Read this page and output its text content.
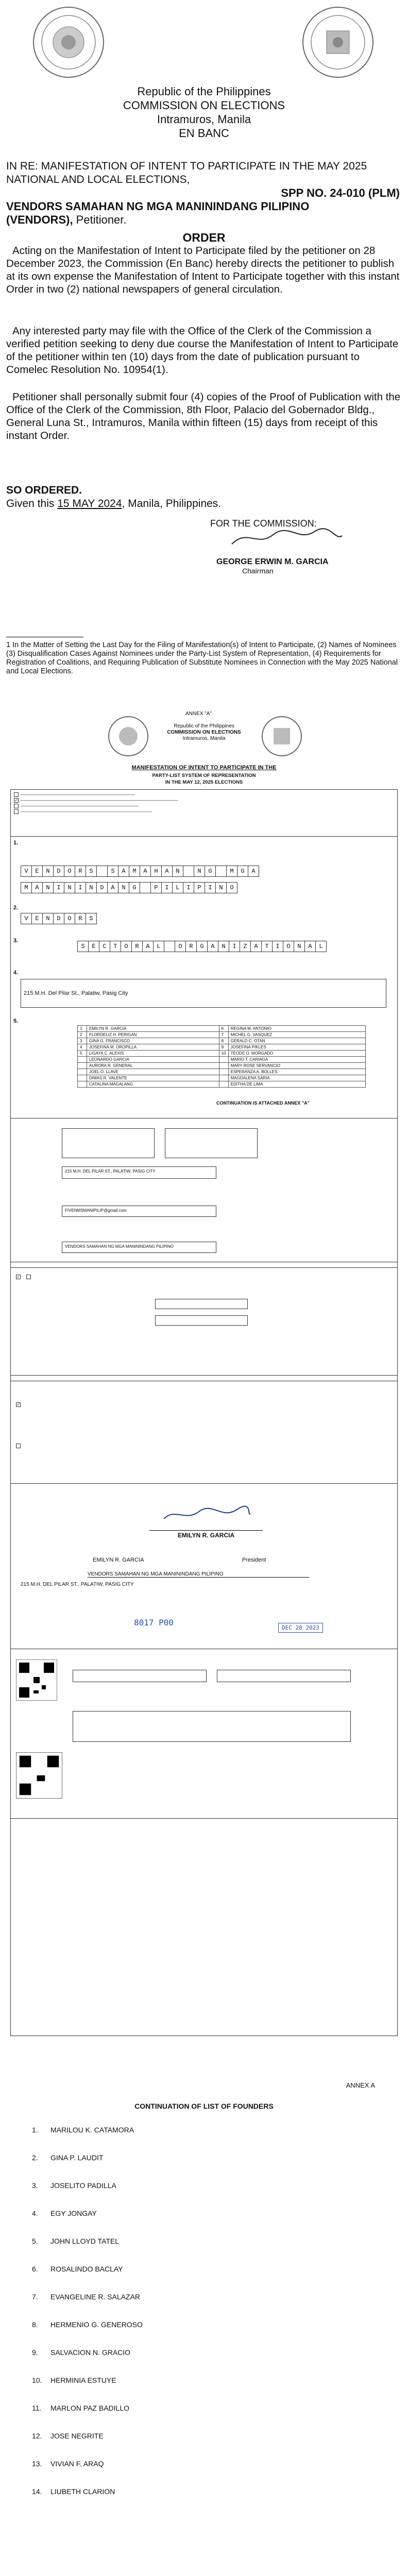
Republic of the Philippines
COMMISSION ON ELECTIONS
Intramuros, Manila
EN BANC
IN RE: MANIFESTATION OF INTENT TO PARTICIPATE IN THE MAY 2025 NATIONAL AND LOCAL ELECTIONS,
SPP NO. 24-010 (PLM)
VENDORS SAMAHAN NG MGA MANININDANG PILIPINO
(VENDORS), Petitioner.
ORDER

Acting on the Manifestation of Intent to Participate filed by the petitioner on 28 December 2023, the Commission (En Banc) hereby directs the petitioner to publish at its own expense the Manifestation of Intent to Participate together with this instant Order in two (2) national newspapers of general circulation.

Any interested party may file with the Office of the Clerk of the Commission a verified petition seeking to deny due course the Manifestation of Intent to Participate of the petitioner within ten (10) days from the date of publication pursuant to Comelec Resolution No. 10954(1).

Petitioner shall personally submit four (4) copies of the Proof of Publication with the Office of the Clerk of the Commission, 8th Floor, Palacio del Gobernador Bldg., General Luna St., Intramuros, Manila within fifteen (15) days from receipt of this instant Order.

SO ORDERED.
Given this 15 MAY 2024, Manila, Philippines.
FOR THE COMMISSION:
GEORGE ERWIN M. GARCIA
Chairman

1 In the Matter of Setting the Last Day for the Filing of Manifestation(s) of Intent to Participate, (2) Names of Nominees (3) Disqualification Cases Against Nominees under the Party-List System of Representation, (4) Requirements for Registration of Coalitions, and Requiring Publication of Substitute Nominees in Connection with the May 2025 National and Local Elections.

ANNEX "A"
Republic of the Philippines
COMMISSION ON ELECTIONS
Intramuros, Manila
MANIFESTATION OF INTENT TO PARTICIPATE IN THE
PARTY-LIST SYSTEM OF REPRESENTATION
IN THE MAY 12, 2025 ELECTIONS
——————————————————————————
✓ ————————————————————————————————————
———————————————————————————
——————————————————————————————
1.
V	E	N	D	O	R	S	S	A	M	A	H	A	N	N	G	M	G	A
M	A	N	I	N	I	N	D	A	N	G	P	I	L	I	P	I	N	O
2.
V	E	N	D	O	R	S
3.
S	E	C	T	O	R	A	L	O	R	G	A	N	I	Z	A	T	I	O	N	A	L
4.
215 M.H. Del Pilar St., Palatiw, Pasig City
5.
1	EMILYN R. GARCIA	6	REGINA M. ANTONIO
2	FLORDELIZ H. PERIGAN	7	MICHEL G. VASQUEZ
3	GINA G. FRANCISCO	8	GERALD C. OTAN
4	JOSEFINA M. OROPILLA	9	JOSEFINA PIKLES
5	LIGAYA C. ALEXIS	10	TEODE O. MORGADO
	LEONARDO GARCIA		MARIO T. CARIAGA
	AURORA R. GENERAL		MARY ROSE SERVANCIO
	JOEL O. LLAVE		ESPERANZA A. BOLLES
	DIMAS R. VALENTE		MAGDALENA SARIA
	CATALINA MAGALANG		EDITHA DE LIMA
CONTINUATION IS ATTACHED ANNEX "A"
215 M.H. DEL PILAR ST., PALATIW, PASIG CITY
FIVENMSMANIPILIP@gmail.com
VENDORS SAMAHAN NG MGA MANININDANG PILIPINO
✓
✓
EMILYN R. GARCIA
EMILYN R. GARCIA	President
VENDORS SAMAHAN NG MGA MANININDANG PILIPINO
215 M.H. DEL PILAR ST., PALATIW, PASIG CITY
8017 P00
DEC 28 2023
ANNEX A
CONTINUATION OF LIST OF FOUNDERS
1. MARILOU K. CATAMORA
2. GINA P. LAUDIT
3. JOSELITO PADILLA
4. EGY JONGAY
5. JOHN LLOYD TATEL
6. ROSALINDO BACLAY
7. EVANGELINE R. SALAZAR
8. HERMENIO G. GENEROSO
9. SALVACION N. GRACIO
10. HERMINIA ESTUYE
11. MARLON PAZ BADILLO
12. JOSE NEGRITE
13. VIVIAN F. ARAQ
14. LIUBETH CLARION
